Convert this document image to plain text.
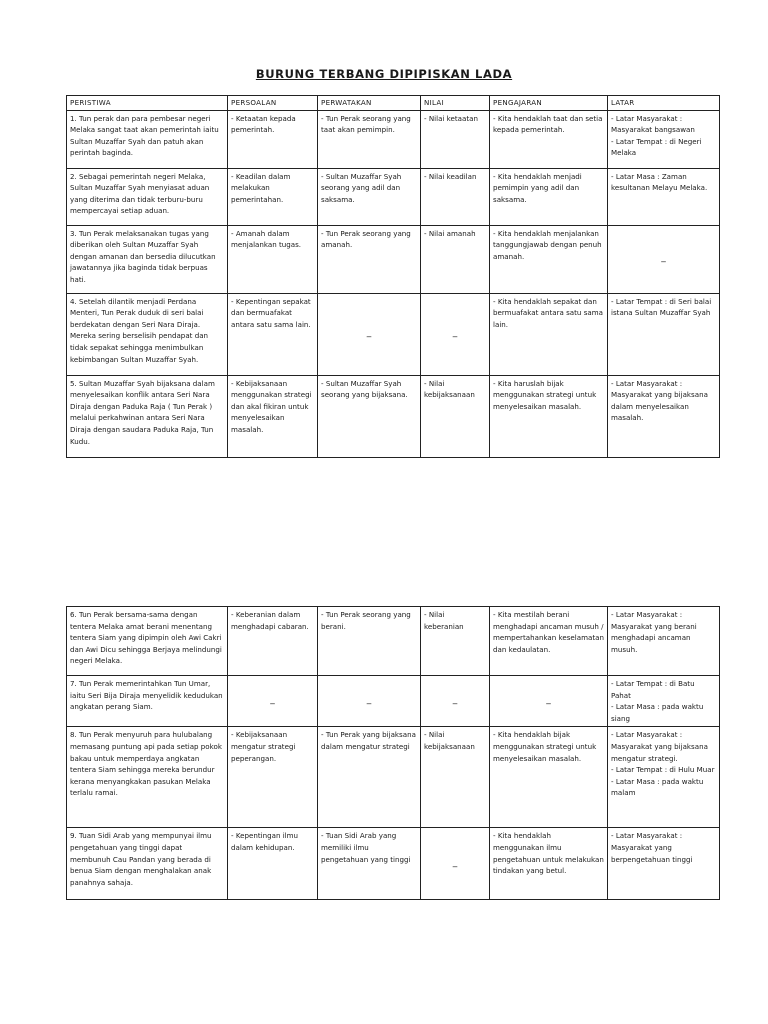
BURUNG TERBANG DIPIPISKAN LADA
PERISTIWA	PERSOALAN	PERWATAKAN	NILAI	PENGAJARAN	LATAR
1. Tun perak dan para pembesar negeri Melaka sangat taat akan pemerintah iaitu Sultan Muzaffar Syah dan patuh akan perintah baginda.	- Ketaatan kepada pemerintah.	- Tun Perak seorang yang taat akan pemimpin.	- Nilai ketaatan	- Kita hendaklah taat dan setia kepada pemerintah.	- Latar Masyarakat :
Masyarakat bangsawan
- Latar Tempat : di Negeri Melaka
2. Sebagai pemerintah negeri Melaka, Sultan Muzaffar Syah menyiasat aduan yang diterima dan tidak terburu-buru mempercayai setiap aduan.	- Keadilan dalam melakukan pemerintahan.	- Sultan Muzaffar Syah seorang yang adil dan saksama.	- Nilai keadilan	- Kita hendaklah menjadi pemimpin yang adil dan saksama.	- Latar Masa : Zaman kesultanan Melayu Melaka.
3. Tun Perak melaksanakan tugas yang diberikan oleh Sultan Muzaffar Syah dengan amanan dan bersedia dilucutkan jawatannya jika baginda tidak berpuas hati.	- Amanah dalam menjalankan tugas.	- Tun Perak seorang yang amanah.	- Nilai amanah	- Kita hendaklah menjalankan tanggungjawab dengan penuh amanah.	_
4. Setelah dilantik menjadi Perdana Menteri, Tun Perak duduk di seri balai berdekatan dengan Seri Nara Diraja. Mereka sering berselisih pendapat dan tidak sepakat sehingga menimbulkan kebimbangan Sultan Muzaffar Syah.	- Kepentingan sepakat dan bermuafakat antara satu sama lain.	_	_	- Kita hendaklah sepakat dan bermuafakat antara satu sama lain.	- Latar Tempat : di Seri balai istana Sultan Muzaffar Syah
5. Sultan Muzaffar Syah bijaksana dalam menyelesaikan konflik antara Seri Nara Diraja dengan Paduka Raja ( Tun Perak ) melalui perkahwinan antara Seri Nara Diraja dengan saudara Paduka Raja, Tun Kudu.	- Kebijaksanaan menggunakan strategi dan akal fikiran untuk menyelesaikan masalah.	- Sultan Muzaffar Syah seorang yang bijaksana.	- Nilai kebijaksanaan	- Kita haruslah bijak menggunakan strategi untuk menyelesaikan masalah.	- Latar Masyarakat :
Masyarakat yang bijaksana dalam menyelesaikan masalah.
6. Tun Perak bersama-sama dengan tentera Melaka amat berani menentang tentera Siam yang dipimpin oleh Awi Cakri dan Awi Dicu sehingga Berjaya melindungi negeri Melaka.	- Keberanian dalam menghadapi cabaran.	- Tun Perak seorang yang berani.	- Nilai keberanian	- Kita mestilah berani menghadapi ancaman musuh / mempertahankan keselamatan dan kedaulatan.	- Latar Masyarakat :
Masyarakat yang berani menghadapi ancaman musuh.
7. Tun Perak memerintahkan Tun Umar, iaitu Seri Bija Diraja menyelidik kedudukan angkatan perang Siam.	_	_	_	_	- Latar Tempat : di Batu Pahat
- Latar Masa : pada waktu siang
8. Tun Perak menyuruh para hulubalang memasang puntung api pada setiap pokok bakau untuk memperdaya angkatan tentera Siam sehingga mereka berundur kerana menyangkakan pasukan Melaka terlalu ramai.	- Kebijaksanaan mengatur strategi peperangan.	- Tun Perak yang bijaksana dalam mengatur strategi	- Nilai kebijaksanaan	- Kita hendaklah bijak menggunakan strategi untuk menyelesaikan masalah.	- Latar Masyarakat :
Masyarakat yang bijaksana mengatur strategi.
- Latar Tempat : di Hulu Muar
- Latar Masa : pada waktu malam
9. Tuan Sidi Arab yang mempunyai ilmu pengetahuan yang tinggi dapat membunuh Cau Pandan yang berada di benua Siam dengan menghalakan anak panahnya sahaja.	- Kepentingan ilmu dalam kehidupan.	- Tuan Sidi Arab yang memiliki ilmu pengetahuan yang tinggi	_	- Kita hendaklah menggunakan ilmu pengetahuan untuk melakukan tindakan yang betul.	- Latar Masyarakat :
Masyarakat yang berpengetahuan tinggi
